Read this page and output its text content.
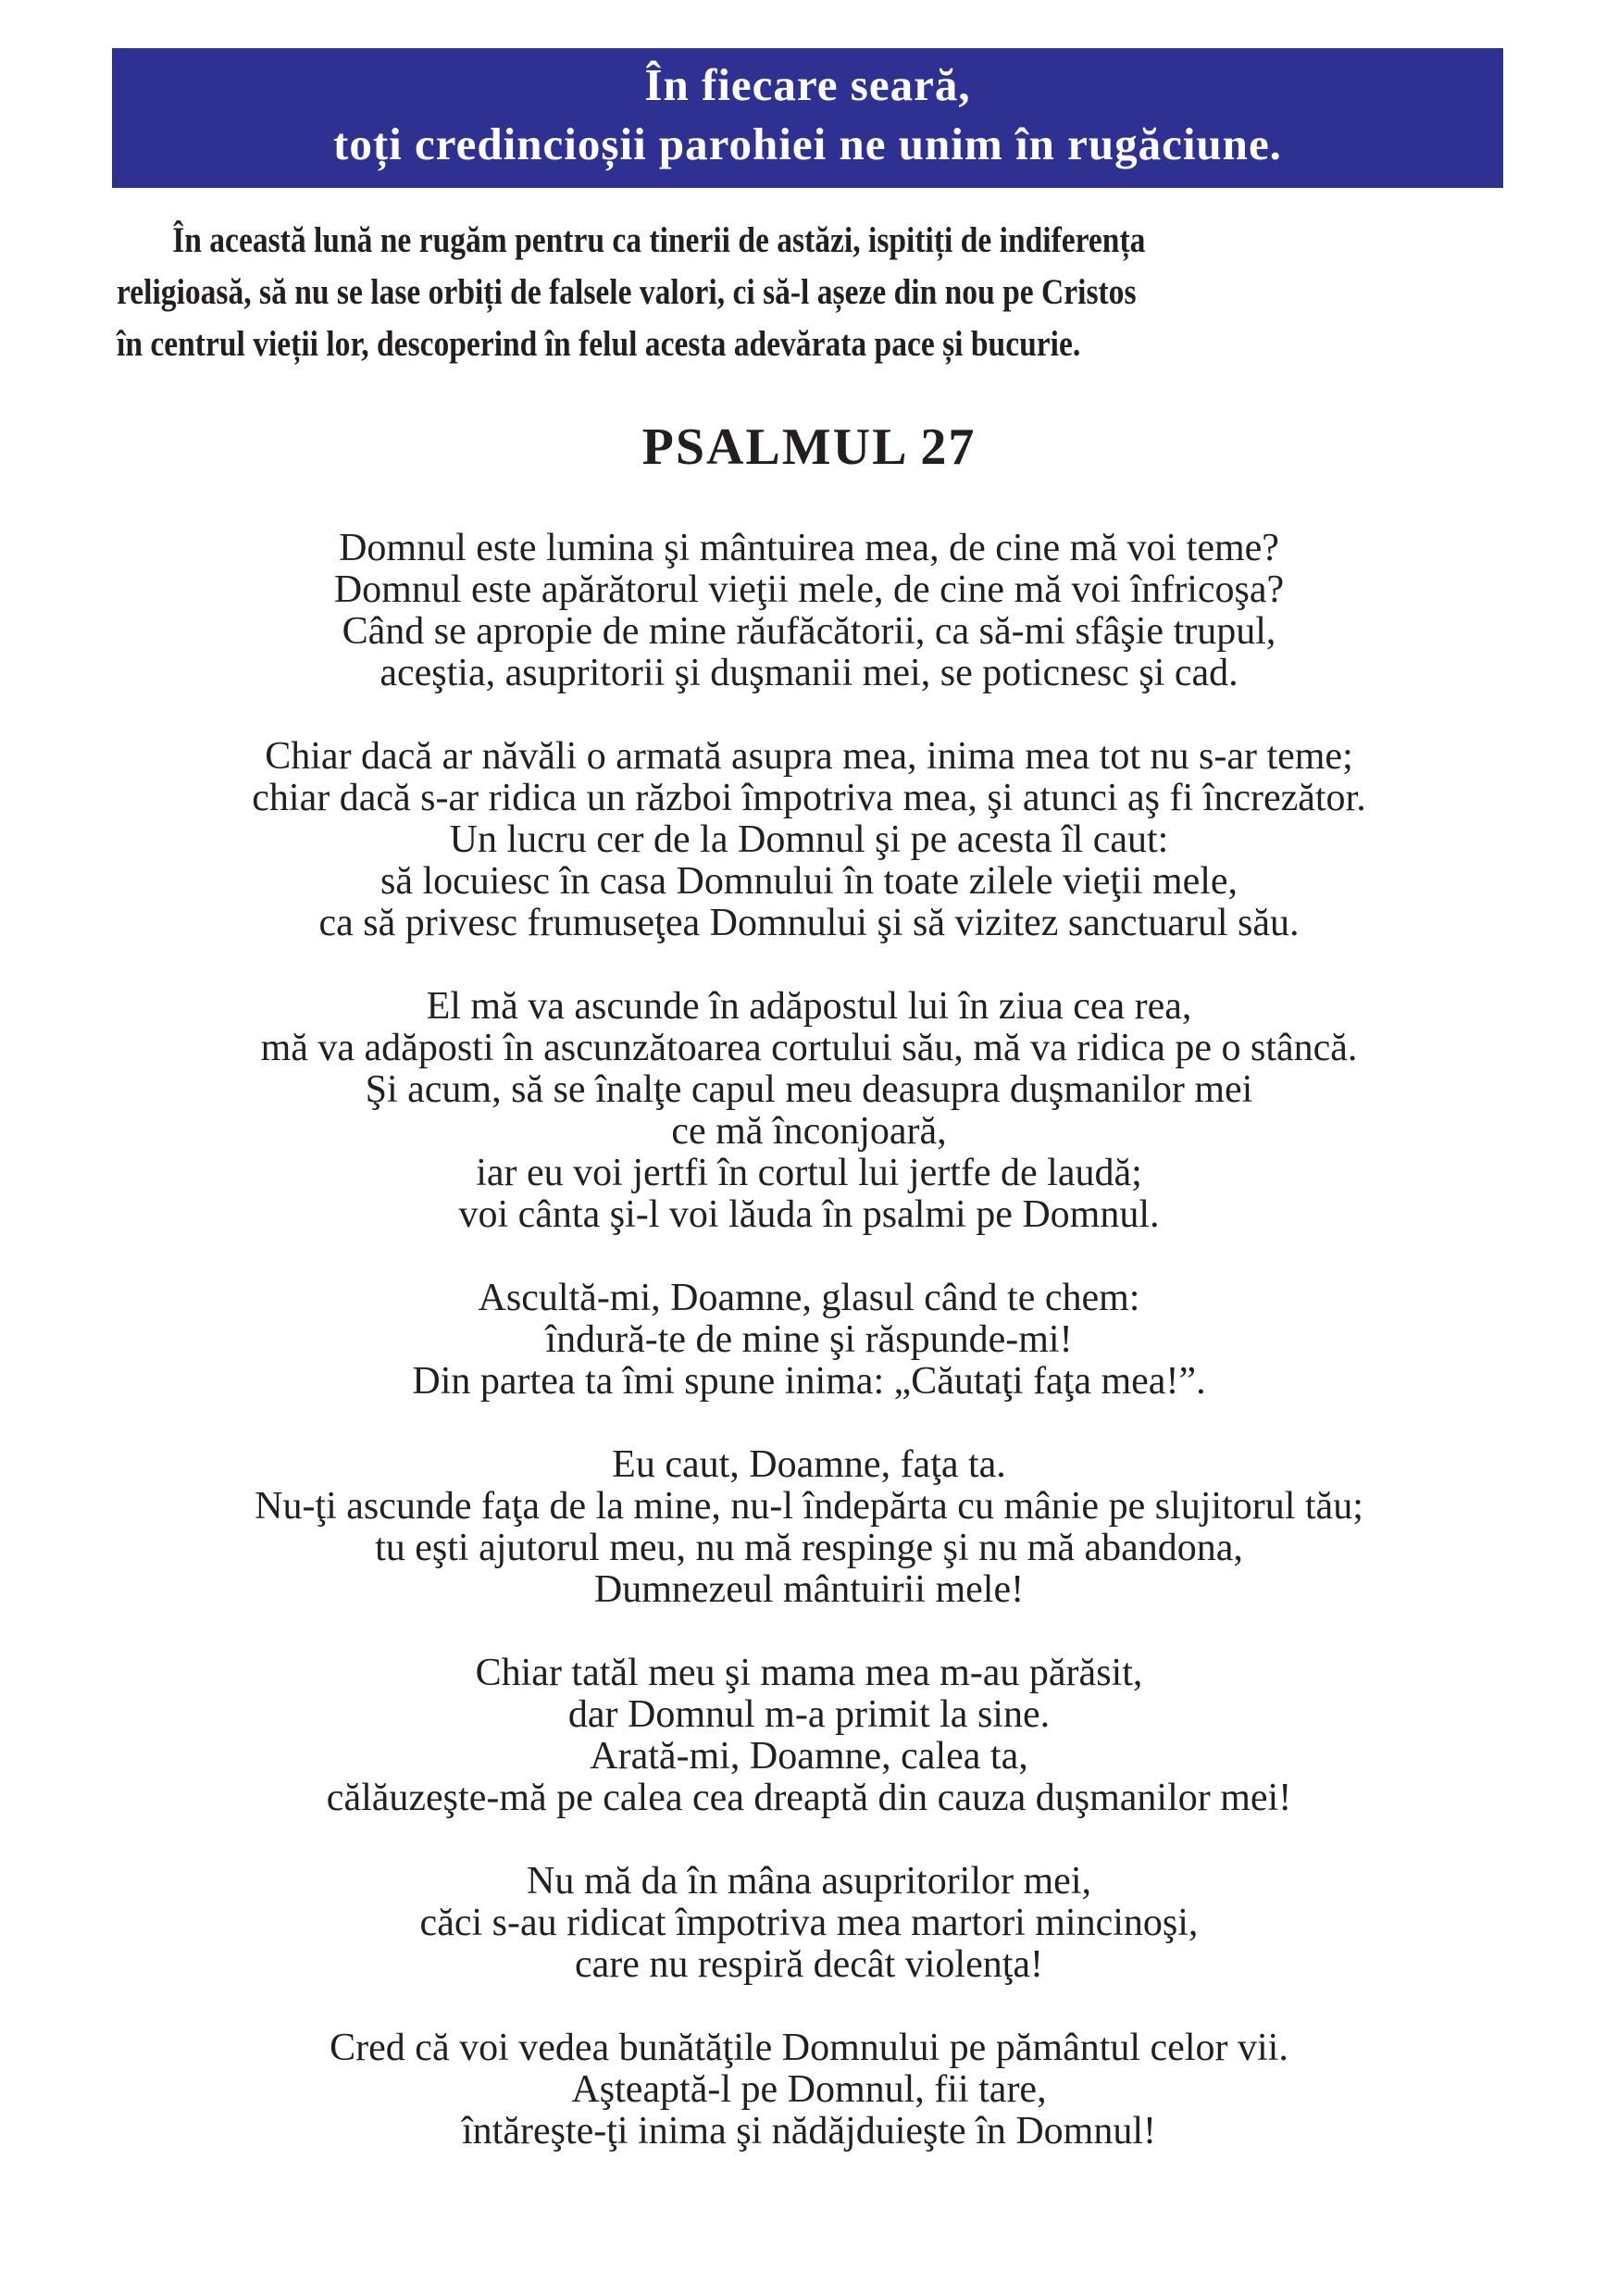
În fiecare seară,
toți credincioșii parohiei ne unim în rugăciune.
În această lună ne rugăm pentru ca tinerii de astăzi, ispitiți de indiferența
religioasă, să nu se lase orbiți de falsele valori, ci să-l așeze din nou pe Cristos
în centrul vieții lor, descoperind în felul acesta adevărata pace și bucurie.
PSALMUL 27
Domnul este lumina şi mântuirea mea, de cine mă voi teme?
Domnul este apărătorul vieţii mele, de cine mă voi înfricoşa?
Când se apropie de mine răufăcătorii, ca să-mi sfâşie trupul,
aceştia, asupritorii şi duşmanii mei, se poticnesc şi cad.
Chiar dacă ar năvăli o armată asupra mea, inima mea tot nu s-ar teme;
chiar dacă s-ar ridica un război împotriva mea, şi atunci aş fi încrezător.
Un lucru cer de la Domnul şi pe acesta îl caut:
să locuiesc în casa Domnului în toate zilele vieţii mele,
ca să privesc frumuseţea Domnului şi să vizitez sanctuarul său.
El mă va ascunde în adăpostul lui în ziua cea rea,
mă va adăposti în ascunzătoarea cortului său, mă va ridica pe o stâncă.
Şi acum, să se înalţe capul meu deasupra duşmanilor mei
ce mă înconjoară,
iar eu voi jertfi în cortul lui jertfe de laudă;
voi cânta şi-l voi lăuda în psalmi pe Domnul.
Ascultă-mi, Doamne, glasul când te chem:
îndură-te de mine şi răspunde-mi!
Din partea ta îmi spune inima: „Căutaţi faţa mea!”.
Eu caut, Doamne, faţa ta.
Nu-ţi ascunde faţa de la mine, nu-l îndepărta cu mânie pe slujitorul tău;
tu eşti ajutorul meu, nu mă respinge şi nu mă abandona,
Dumnezeul mântuirii mele!
Chiar tatăl meu şi mama mea m-au părăsit,
dar Domnul m-a primit la sine.
Arată-mi, Doamne, calea ta,
călăuzeşte-mă pe calea cea dreaptă din cauza duşmanilor mei!
Nu mă da în mâna asupritorilor mei,
căci s-au ridicat împotriva mea martori mincinoşi,
care nu respiră decât violenţa!
Cred că voi vedea bunătăţile Domnului pe pământul celor vii.
Aşteaptă-l pe Domnul, fii tare,
întăreşte-ţi inima şi nădăjduieşte în Domnul!
